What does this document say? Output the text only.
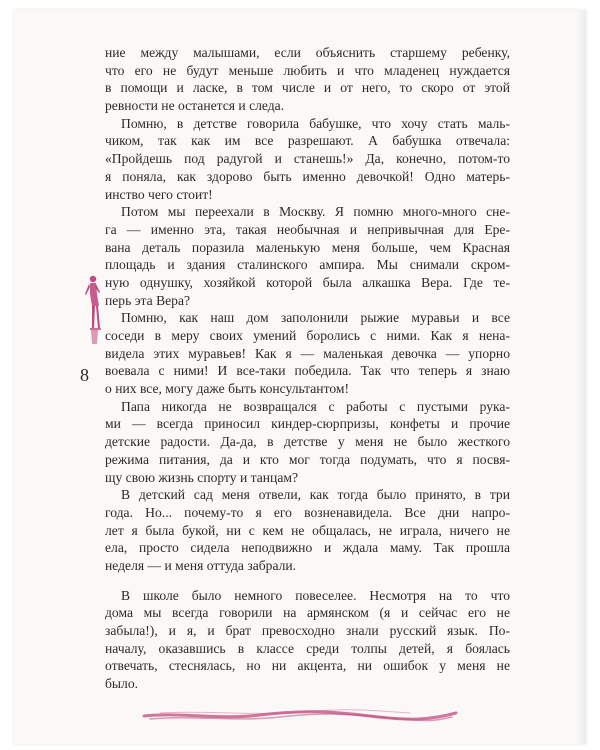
8
ние между малышами, если объяснить старшему ребенку,
что его не будут меньше любить и что младенец нуждается
в помощи и ласке, в том числе и от него, то скоро от этой
ревности не останется и следа.
Помню, в детстве говорила бабушке, что хочу стать маль-
чиком, так как им все разрешают. А бабушка отвечала:
«Пройдешь под радугой и станешь!» Да, конечно, потом-то
я поняла, как здорово быть именно девочкой! Одно матерь-
инство чего стоит!
Потом мы переехали в Москву. Я помню много-много сне-
га — именно эта, такая необычная и непривычная для Ере-
вана деталь поразила маленькую меня больше, чем Красная
площадь и здания сталинского ампира. Мы снимали скром-
ную однушку, хозяйкой которой была алкашка Вера. Где те-
перь эта Вера?
Помню, как наш дом заполонили рыжие муравьи и все
соседи в меру своих умений боролись с ними. Как я нена-
видела этих муравьев! Как я — маленькая девочка — упорно
воевала с ними! И все-таки победила. Так что теперь я знаю
о них все, могу даже быть консультантом!
Папа никогда не возвращался с работы с пустыми рука-
ми — всегда приносил киндер-сюрпризы, конфеты и прочие
детские радости. Да-да, в детстве у меня не было жесткого
режима питания, да и кто мог тогда подумать, что я посвя-
щу свою жизнь спорту и танцам?
В детский сад меня отвели, как тогда было принято, в три
года. Но... почему-то я его возненавидела. Все дни напро-
лет я была букой, ни с кем не общалась, не играла, ничего не
ела, просто сидела неподвижно и ждала маму. Так прошла
неделя — и меня оттуда забрали.
В школе было немного повеселее. Несмотря на то что
дома мы всегда говорили на армянском (я и сейчас его не
забыла!), и я, и брат превосходно знали русский язык. По-
началу, оказавшись в классе среди толпы детей, я боялась
отвечать, стеснялась, но ни акцента, ни ошибок у меня не
было.
